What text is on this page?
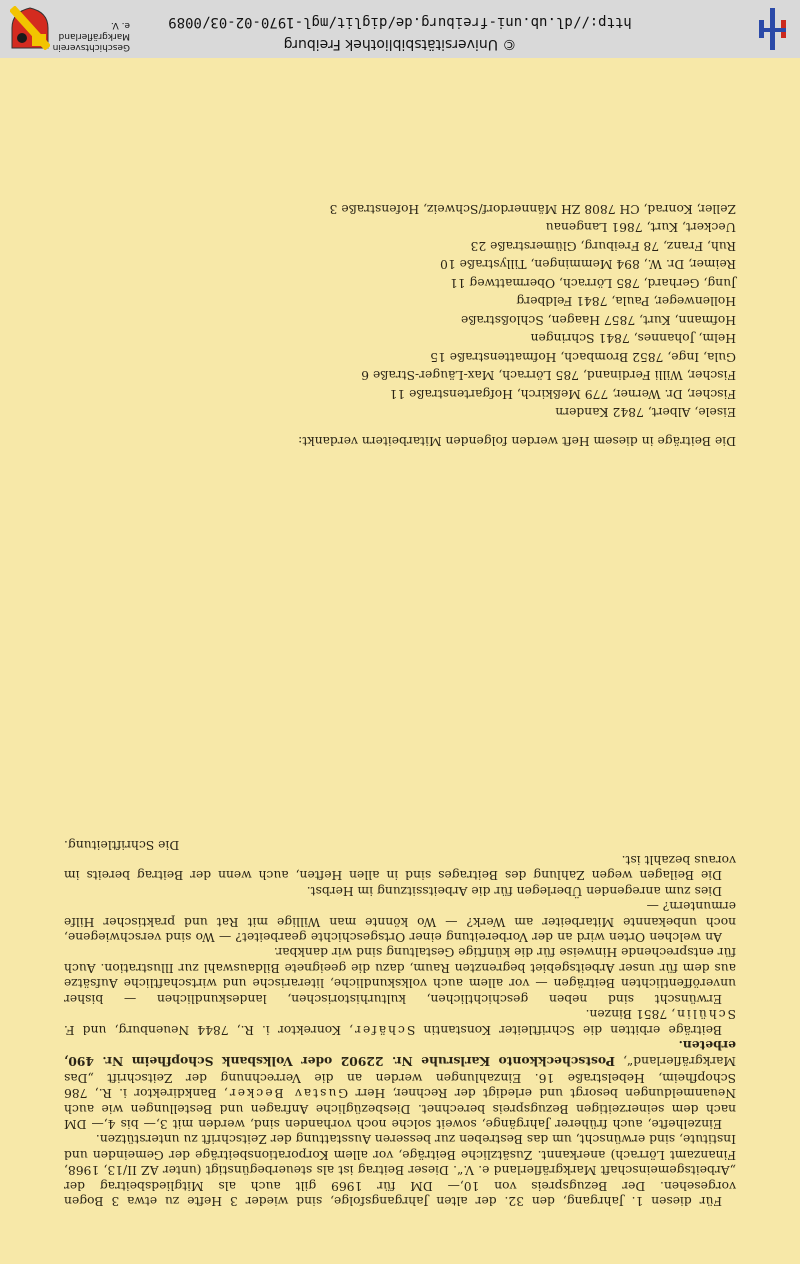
Für diesen 1. Jahrgang, den 32. der alten Jahrgangsfolge, sind wieder 3 Hefte zu etwa 3 Bogen vorgesehen. Der Bezugspreis von 10,— DM für 1969 gilt auch als Mitgliedsbeitrag der „Arbeitsgemeinschaft Markgräflerland e. V.“. Dieser Beitrag ist als steuerbegünstigt (unter AZ II/13, 1968, Finanzamt Lörrach) anerkannt. Zusätzliche Beiträge, vor allem Korporationsbeiträge der Gemeinden und Institute, sind erwünscht, um das Bestreben zur besseren Ausstattung der Zeitschrift zu unterstützen.

Einzelhefte, auch früherer Jahrgänge, soweit solche noch vorhanden sind, werden mit 3,— bis 4,— DM nach dem seinerzeitigen Bezugspreis berechnet. Diesbezügliche Anfragen und Bestellungen wie auch Neuanmeldungen besorgt und erledigt der Rechner, Herr Gustav Becker, Bankdirektor i. R., 786 Schopfheim, Hebelstraße 16. Einzahlungen werden an die Verrechnung der Zeitschrift „Das Markgräflerland“, Postscheckkonto Karlsruhe Nr. 22902 oder Volksbank Schopfheim Nr. 490, erbeten.

Beiträge erbitten die Schriftleiter Konstantin Schäfer, Konrektor i. R., 7844 Neuenburg, und F. Schülin, 7851 Binzen.

Erwünscht sind neben geschichtlichen, kulturhistorischen, landeskundlichen — bisher unveröffentlichten Beiträgen — vor allem auch volkskundliche, literarische und wirtschaftliche Aufsätze aus dem für unser Arbeitsgebiet begrenzten Raum, dazu die geeignete Bildauswahl zur Illustration. Auch für entsprechende Hinweise für die künftige Gestaltung sind wir dankbar.

An welchen Orten wird an der Vorbereitung einer Ortsgeschichte gearbeitet? — Wo sind verschwiegene, noch unbekannte Mitarbeiter am Werk? — Wo könnte man Willige mit Rat und praktischer Hilfe ermuntern? —

Dies zum anregenden Überlegen für die Arbeitssitzung im Herbst.

Die Beilagen wegen Zahlung des Beitrages sind in allen Heften, auch wenn der Beitrag bereits im voraus bezahlt ist.

Die Schriftleitung.

Die Beiträge in diesem Heft werden folgenden Mitarbeitern verdankt:

Eisele, Albert, 7842 Kandern
Fischer, Dr. Werner, 779 Meßkirch, Hofgartenstraße 11
Fischer, Willi Ferdinand, 785 Lörrach, Max-Läuger-Straße 6
Gula, Inge, 7852 Brombach, Hofmattenstraße 15
Helm, Johannes, 7841 Schringen
Hofmann, Kurt, 7857 Haagen, Schloßstraße
Hollenweger, Paula, 7841 Feldberg
Jung, Gerhard, 785 Lörrach, Obermattweg 11
Reimer, Dr. W., 894 Memmingen, Tillystraße 10
Ruh, Franz, 78 Freiburg, Glümerstraße 23
Ueckert, Kurt, 7861 Langenau
Zeller, Konrad, CH 7808 ZH Männerdorf/Schweiz, Hofenstraße 3
© Universitätsbibliothek Freiburg
http://dl.ub.uni-freiburg.de/diglit/mgl-1970-02-03/0089
Geschichtsverein
Markgräflerland e. V.
